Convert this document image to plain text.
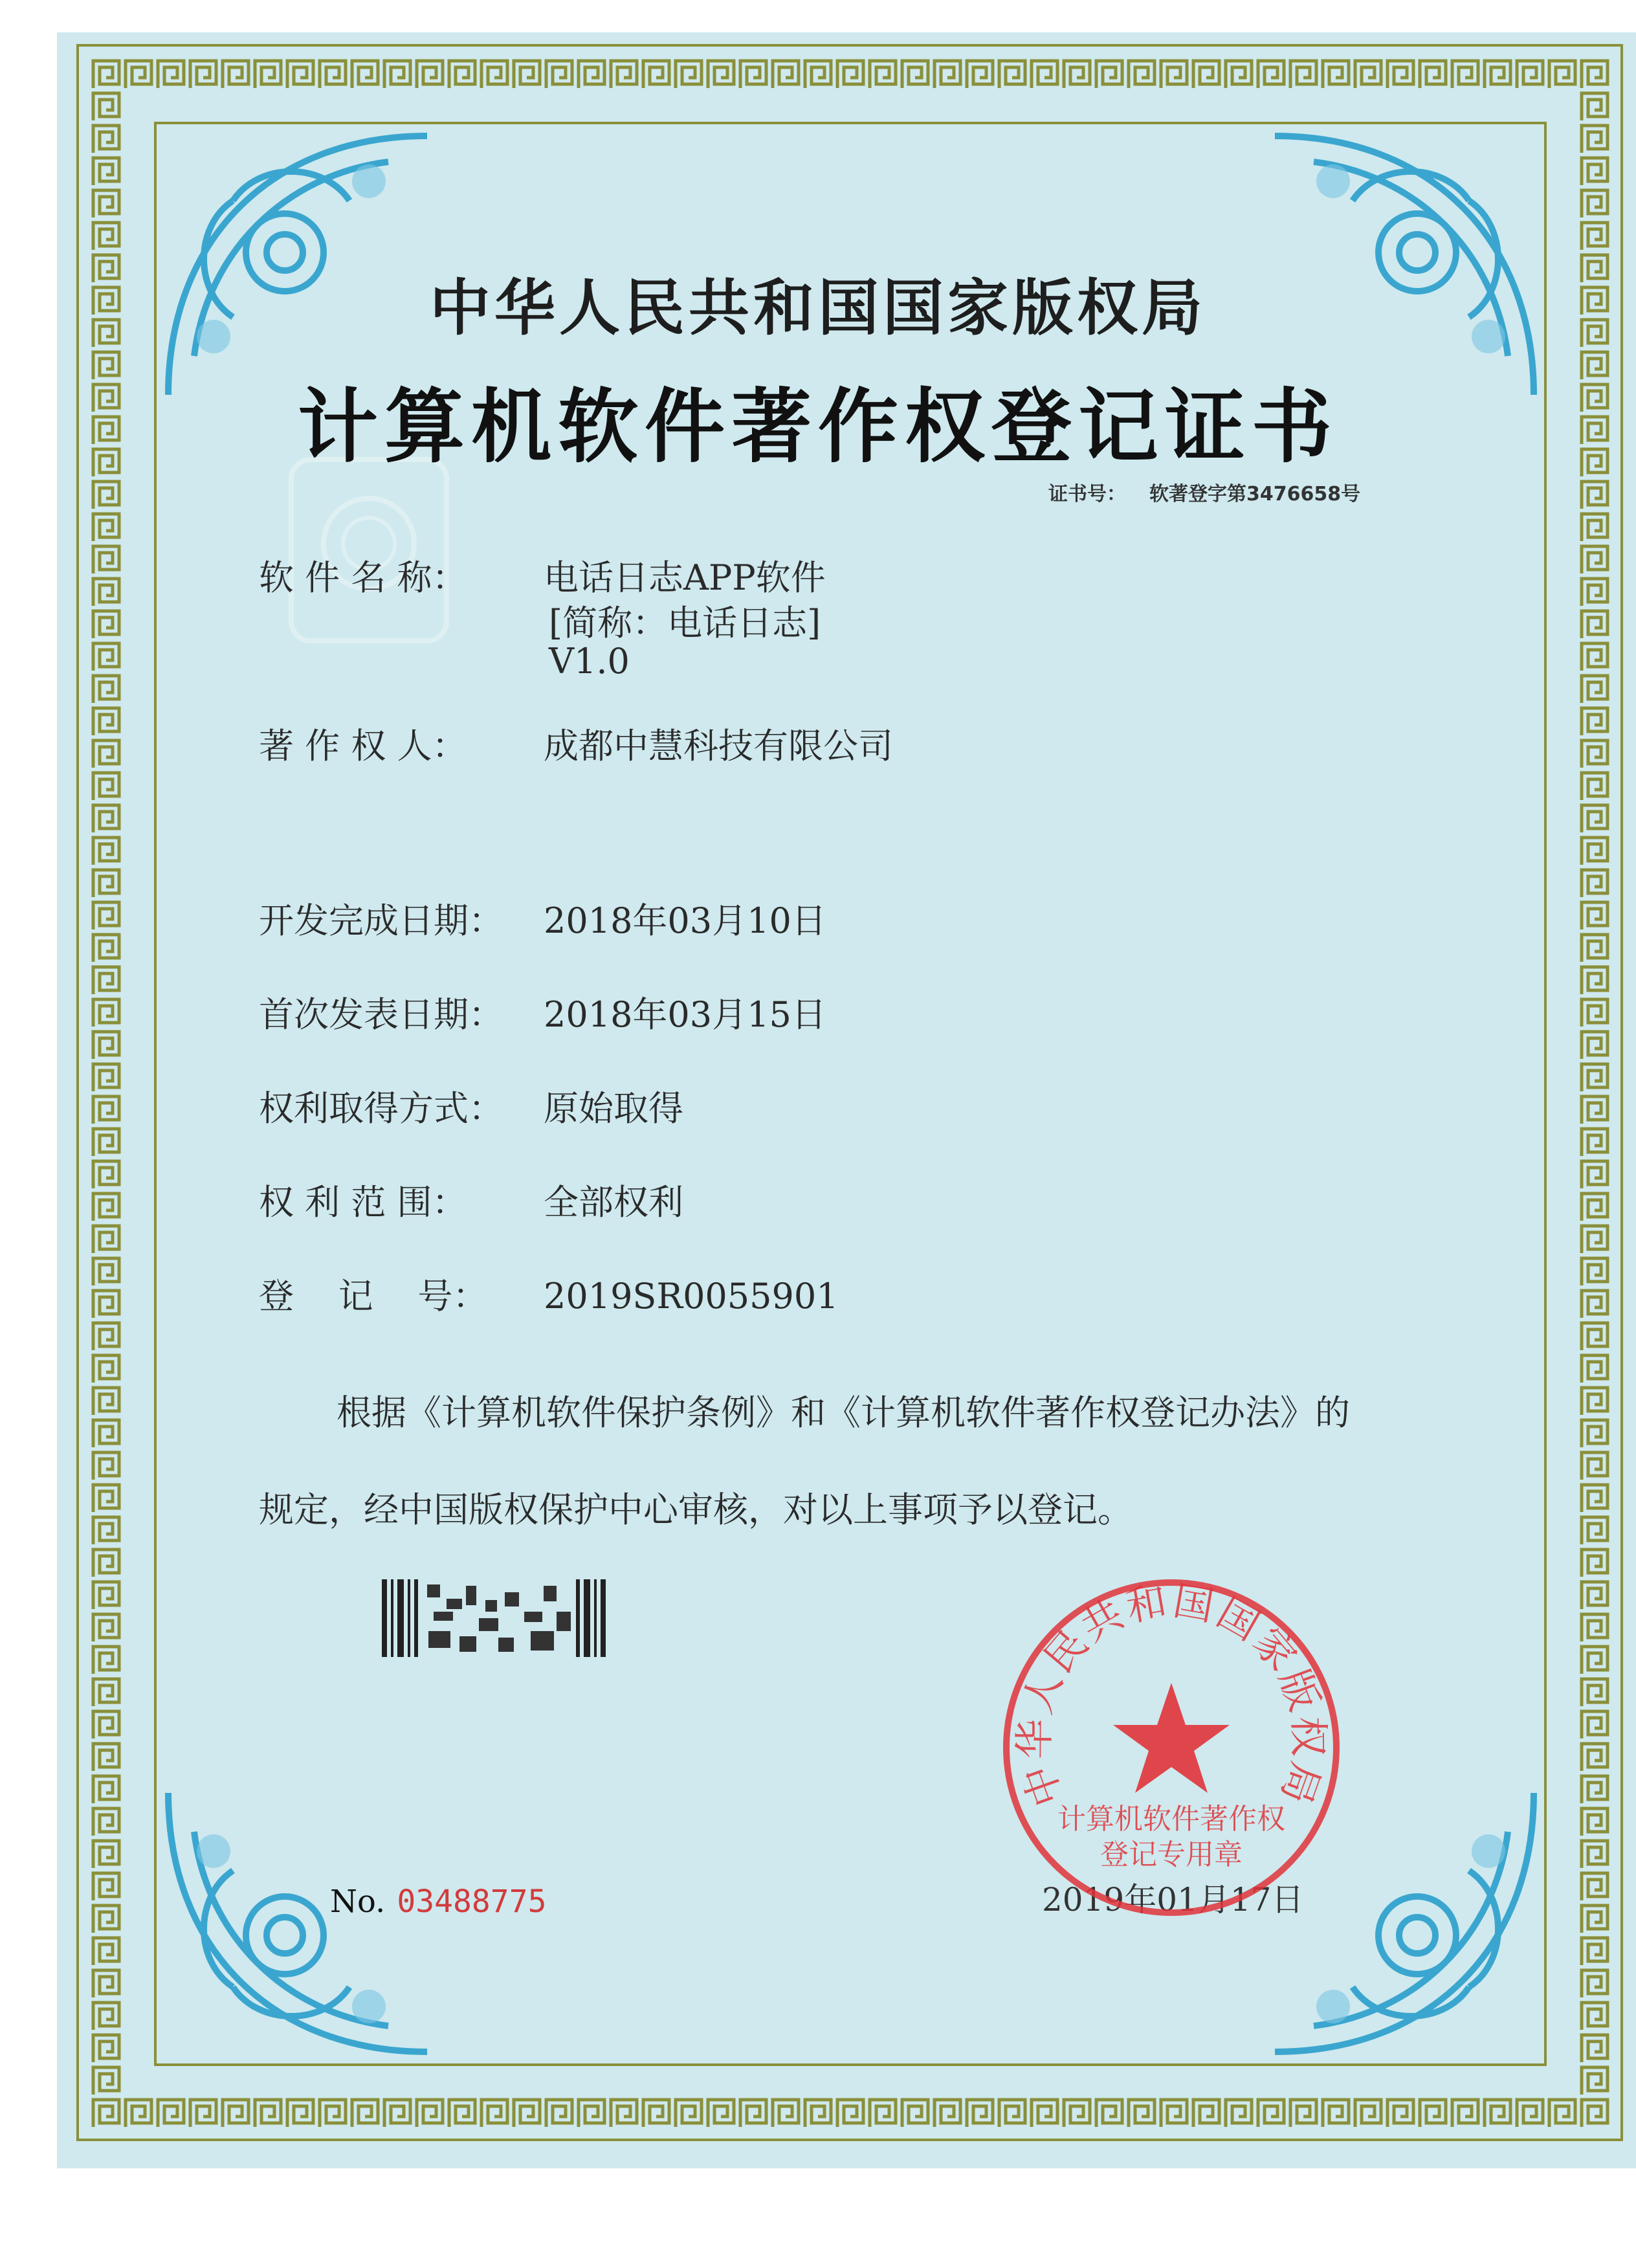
中华人民共和国国家版权局
计算机软件著作权登记证书
证书号： 软著登字第3476658号
软 件 名 称： 电话日志APP软件
[简称：电话日志]
V1.0
著 作 权 人： 成都中慧科技有限公司
开发完成日期： 2018年03月10日
首次发表日期： 2018年03月15日
权利取得方式： 原始取得
权 利 范 围： 全部权利
登    记    号： 2019SR0055901
根据《计算机软件保护条例》和《计算机软件著作权登记办法》的
规定，经中国版权保护中心审核，对以上事项予以登记。
No. 03488775	2019年01月17日
中华人民共和国国家版权局
计算机软件著作权
登记专用章
